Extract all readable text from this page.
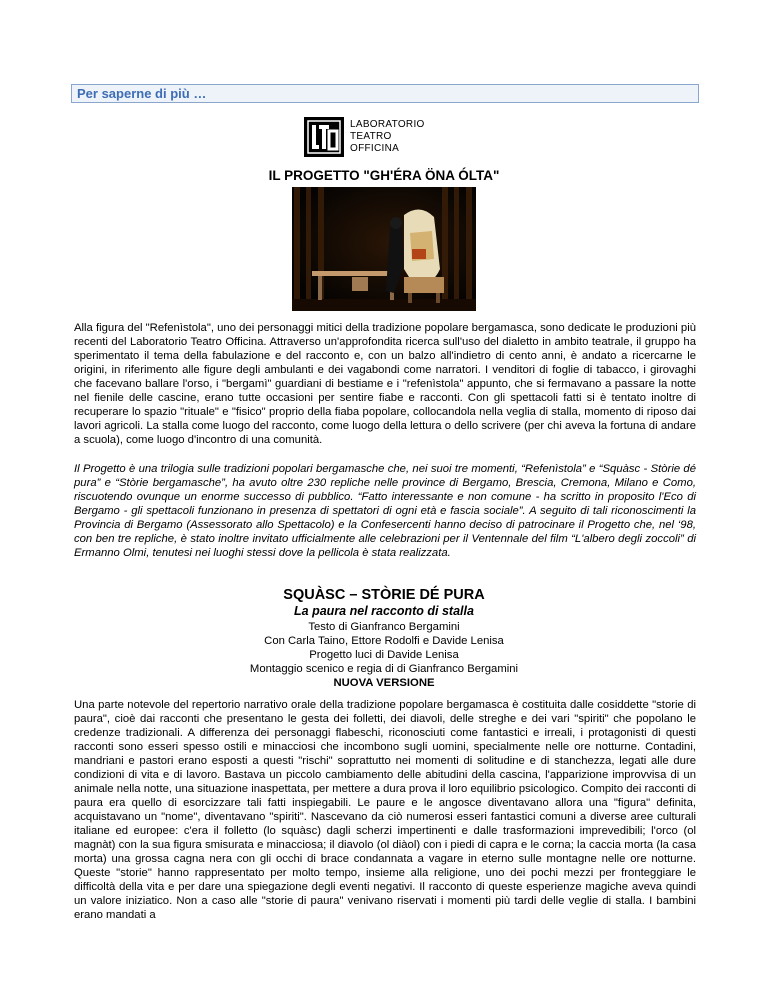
Per saperne di più …
LABORATORIO
TEATRO
OFFICINA
IL PROGETTO "GH'ÉRA ÖNA ÓLTA"
Alla figura del "Refenìstola", uno dei personaggi mitici della tradizione popolare bergamasca, sono dedicate le produzioni più recenti del Laboratorio Teatro Officina. Attraverso un'approfondita ricerca sull'uso del dialetto in ambito teatrale, il gruppo ha sperimentato il tema della fabulazione e del racconto e, con un balzo all'indietro di cento anni, è andato a ricercarne le origini, in riferimento alle figure degli ambulanti e dei vagabondi come narratori. I venditori di foglie di tabacco, i girovaghi che facevano ballare l'orso, i "bergamì" guardiani di bestiame e i "refenìstola" appunto, che si fermavano a passare la notte nel fienile delle cascine, erano tutte occasioni per sentire fiabe e racconti. Con gli spettacoli fatti si è tentato inoltre di recuperare lo spazio "rituale" e "fisico" proprio della fiaba popolare, collocandola nella veglia di stalla, momento di riposo dai lavori agricoli. La stalla come luogo del racconto, come luogo della lettura o dello scrivere (per chi aveva la fortuna di andare a scuola), come luogo d'incontro di una comunità.
Il Progetto è una trilogia sulle tradizioni popolari bergamasche che, nei suoi tre momenti, “Refenìstola” e “Squàsc - Stòrie dé pura” e “Stòrie bergamasche”, ha avuto oltre 230 repliche nelle province di Bergamo, Brescia, Cremona, Milano e Como, riscuotendo ovunque un enorme successo di pubblico. “Fatto interessante e non comune - ha scritto in proposito l'Eco di Bergamo - gli spettacoli funzionano in presenza di spettatori di ogni età e fascia sociale”. A seguito di tali riconoscimenti la Provincia di Bergamo (Assessorato allo Spettacolo) e la Confesercenti hanno deciso di patrocinare il Progetto che, nel ‘98, con ben tre repliche, è stato inoltre invitato ufficialmente alle celebrazioni per il Ventennale del film “L'albero degli zoccoli” di Ermanno Olmi, tenutesi nei luoghi stessi dove la pellicola è stata realizzata.
SQUÀSC – STÒRIE DÉ PURA
La paura nel racconto di stalla
Testo di Gianfranco Bergamini
Con Carla Taino, Ettore Rodolfi e Davide Lenisa
Progetto luci di Davide Lenisa
Montaggio scenico e regia di di Gianfranco Bergamini
NUOVA VERSIONE
Una parte notevole del repertorio narrativo orale della tradizione popolare bergamasca è costituita dalle cosiddette "storie di paura", cioè dai racconti che presentano le gesta dei folletti, dei diavoli, delle streghe e dei vari "spiriti" che popolano le credenze tradizionali. A differenza dei personaggi flabeschi, riconosciuti come fantastici e irreali, i protagonisti di questi racconti sono esseri spesso ostili e minacciosi che incombono sugli uomini, specialmente nelle ore notturne. Contadini, mandriani e pastori erano esposti a questi "rischi" soprattutto nei momenti di solitudine e di stanchezza, legati alle dure condizioni di vita e di lavoro. Bastava un piccolo cambiamento delle abitudini della cascina, l'apparizione improvvisa di un animale nella notte, una situazione inaspettata, per mettere a dura prova il loro equilibrio psicologico. Compito dei racconti di paura era quello di esorcizzare tali fatti inspiegabili. Le paure e le angosce diventavano allora una "figura" definita, acquistavano un "nome", diventavano "spiriti". Nascevano da ciò numerosi esseri fantastici comuni a diverse aree culturali italiane ed europee: c'era il folletto (lo squàsc) dagli scherzi impertinenti e dalle trasformazioni imprevedibili; l'orco (ol magnàt) con la sua figura smisurata e minacciosa; il diavolo (ol diàol) con i piedi di capra e le corna; la caccia morta (la casa morta) una grossa cagna nera con gli occhi di brace condannata a vagare in eterno sulle montagne nelle ore notturne. Queste "storie" hanno rappresentato per molto tempo, insieme alla religione, uno dei pochi mezzi per fronteggiare le difficoltà della vita e per dare una spiegazione degli eventi negativi. Il racconto di queste esperienze magiche aveva quindi un valore iniziatico. Non a caso alle "storie di paura" venivano riservati i momenti più tardi delle veglie di stalla. I bambini erano mandati a
